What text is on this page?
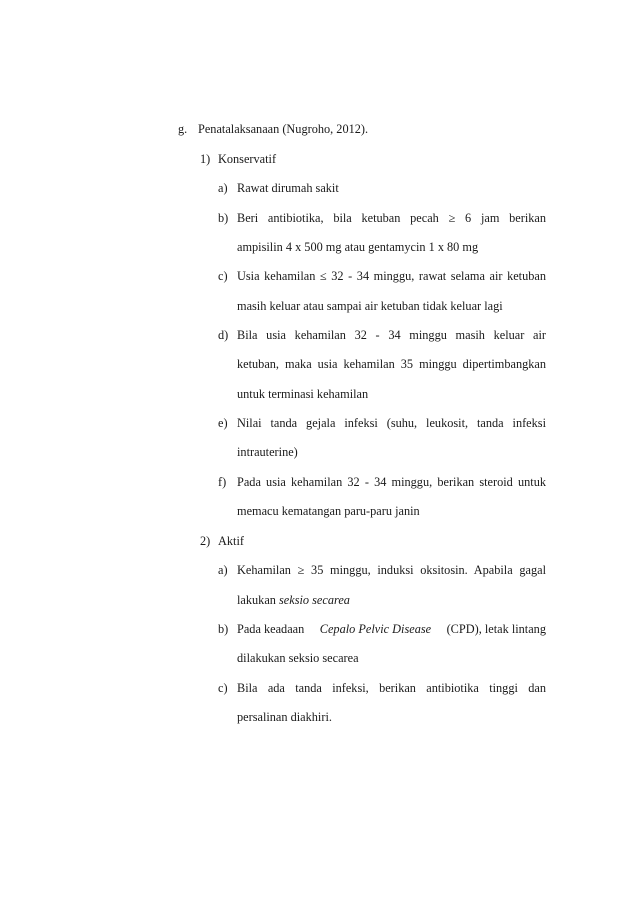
g. Penatalaksanaan (Nugroho, 2012).
1) Konservatif
a) Rawat dirumah sakit
b) Beri antibiotika, bila ketuban pecah ≥ 6 jam berikan
ampisilin 4 x 500 mg atau gentamycin 1 x 80 mg
c) Usia kehamilan ≤ 32 - 34 minggu, rawat selama air ketuban
masih keluar atau sampai air ketuban tidak keluar lagi
d) Bila usia kehamilan 32 - 34 minggu masih keluar air
ketuban, maka usia kehamilan 35 minggu dipertimbangkan
untuk terminasi kehamilan
e) Nilai tanda gejala infeksi (suhu, leukosit, tanda infeksi
intrauterine)
f) Pada usia kehamilan 32 - 34 minggu, berikan steroid untuk
memacu kematangan paru-paru janin
2) Aktif
a) Kehamilan ≥ 35 minggu, induksi oksitosin. Apabila gagal
lakukan seksio secarea
b) Pada keadaan Cepalo Pelvic Disease (CPD), letak lintang
dilakukan seksio secarea
c) Bila ada tanda infeksi, berikan antibiotika tinggi dan
persalinan diakhiri.
